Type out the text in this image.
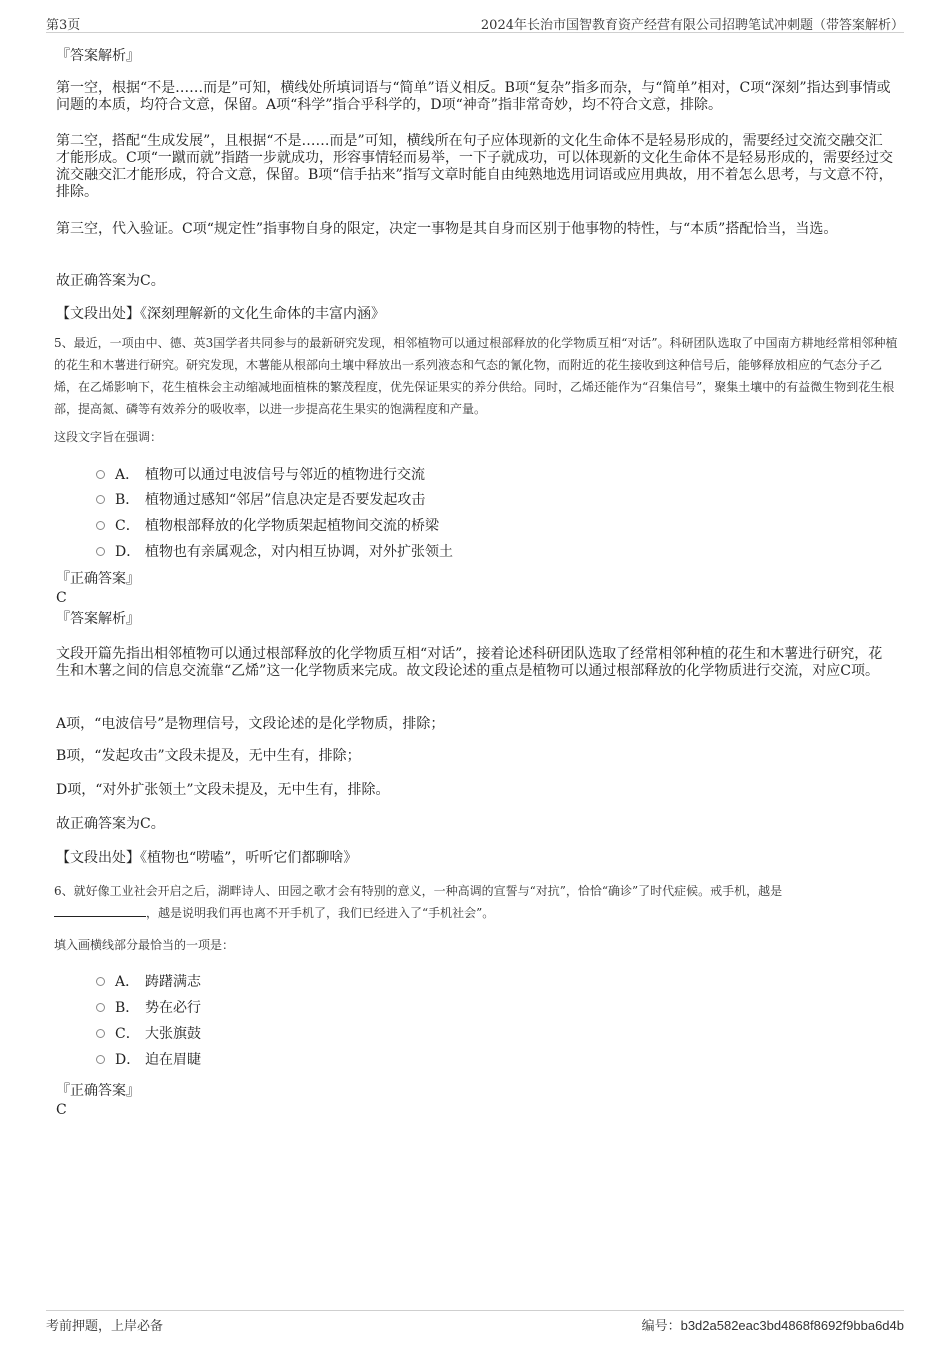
第3页	2024年长治市国智教育资产经营有限公司招聘笔试冲刺题（带答案解析）
『答案解析』
第一空，根据“不是……而是”可知，横线处所填词语与“简单”语义相反。B项“复杂”指多而杂，与“简单”相对，C项“深刻”指达到事情或问题的本质，均符合文意，保留。A项“科学”指合乎科学的，D项“神奇”指非常奇妙，均不符合文意，排除。
第二空，搭配“生成发展”，且根据“不是……而是”可知，横线所在句子应体现新的文化生命体不是轻易形成的，需要经过交流交融交汇才能形成。C项“一蹴而就”指踏一步就成功，形容事情轻而易举，一下子就成功，可以体现新的文化生命体不是轻易形成的，需要经过交流交融交汇才能形成，符合文意，保留。B项“信手拈来”指写文章时能自由纯熟地选用词语或应用典故，用不着怎么思考，与文意不符，排除。
第三空，代入验证。C项“规定性”指事物自身的限定，决定一事物是其自身而区别于他事物的特性，与“本质”搭配恰当，当选。
故正确答案为C。
【文段出处】《深刻理解新的文化生命体的丰富内涵》
5、最近，一项由中、德、英3国学者共同参与的最新研究发现，相邻植物可以通过根部释放的化学物质互相“对话”。科研团队选取了中国南方耕地经常相邻种植的花生和木薯进行研究。研究发现，木薯能从根部向土壤中释放出一系列液态和气态的氰化物，而附近的花生接收到这种信号后，能够释放相应的气态分子乙烯，在乙烯影响下，花生植株会主动缩减地面植株的繁茂程度，优先保证果实的养分供给。同时，乙烯还能作为“召集信号”，聚集土壤中的有益微生物到花生根部，提高氮、磷等有效养分的吸收率，以进一步提高花生果实的饱满程度和产量。
这段文字旨在强调：
A． 植物可以通过电波信号与邻近的植物进行交流
B． 植物通过感知“邻居”信息决定是否要发起攻击
C． 植物根部释放的化学物质架起植物间交流的桥梁
D． 植物也有亲属观念，对内相互协调，对外扩张领土
『正确答案』
C
『答案解析』
文段开篇先指出相邻植物可以通过根部释放的化学物质互相“对话”，接着论述科研团队选取了经常相邻种植的花生和木薯进行研究，花生和木薯之间的信息交流靠“乙烯”这一化学物质来完成。故文段论述的重点是植物可以通过根部释放的化学物质进行交流，对应C项。
A项，“电波信号”是物理信号，文段论述的是化学物质，排除；
B项，“发起攻击”文段未提及，无中生有，排除；
D项，“对外扩张领土”文段未提及，无中生有，排除。
故正确答案为C。
【文段出处】《植物也“唠嗑”，听听它们都聊啥》
6、就好像工业社会开启之后，湖畔诗人、田园之歌才会有特别的意义，一种高调的宣誓与“对抗”，恰恰“确诊”了时代症候。戒手机，越是
，越是说明我们再也离不开手机了，我们已经进入了“手机社会”。
填入画横线部分最恰当的一项是：
A． 踌躇满志
B． 势在必行
C． 大张旗鼓
D． 迫在眉睫
『正确答案』
C
考前押题，上岸必备	编号：b3d2a582eac3bd4868f8692f9bba6d4b
